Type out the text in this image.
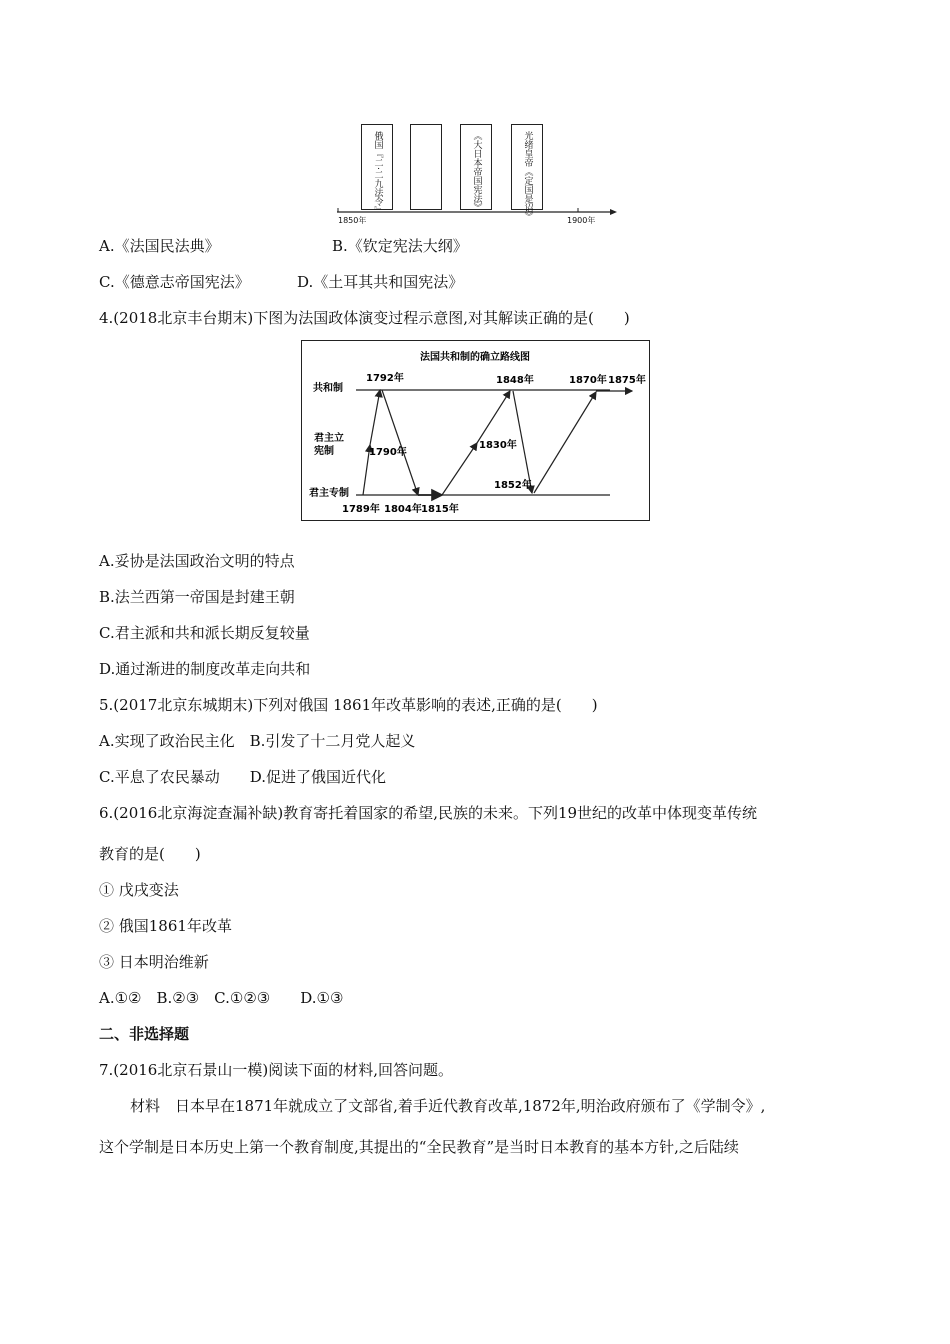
俄国『二·二九法令』	《大日本帝国宪法》	光绪皇帝《定国是诏》
1850年	1900年
A.《法国民法典》	B.《钦定宪法大纲》
C.《德意志帝国宪法》	D.《土耳其共和国宪法》
4.(2018北京丰台期末)下图为法国政体演变过程示意图,对其解读正确的是(　　)
法国共和制的确立路线图
共和制
君主立
宪制
君主专制
1792年
1790年
1789年 1804年 1815年
1830年
1848年
1852年
1870年 1875年
A.妥协是法国政治文明的特点
B.法兰西第一帝国是封建王朝
C.君主派和共和派长期反复较量
D.通过渐进的制度改革走向共和
5.(2017北京东城期末)下列对俄国 1861年改革影响的表述,正确的是(　　)
A.实现了政治民主化　B.引发了十二月党人起义
C.平息了农民暴动　　D.促进了俄国近代化
6.(2016北京海淀查漏补缺)教育寄托着国家的希望,民族的未来。下列19世纪的改革中体现变革传统
教育的是(　　)
① 戊戌变法
② 俄国1861年改革
③ 日本明治维新
A.①②　B.②③　C.①②③　　D.①③
二、非选择题
7.(2016北京石景山一模)阅读下面的材料,回答问题。
材料　日本早在1871年就成立了文部省,着手近代教育改革,1872年,明治政府颁布了《学制令》,
这个学制是日本历史上第一个教育制度,其提出的“全民教育”是当时日本教育的基本方针,之后陆续
